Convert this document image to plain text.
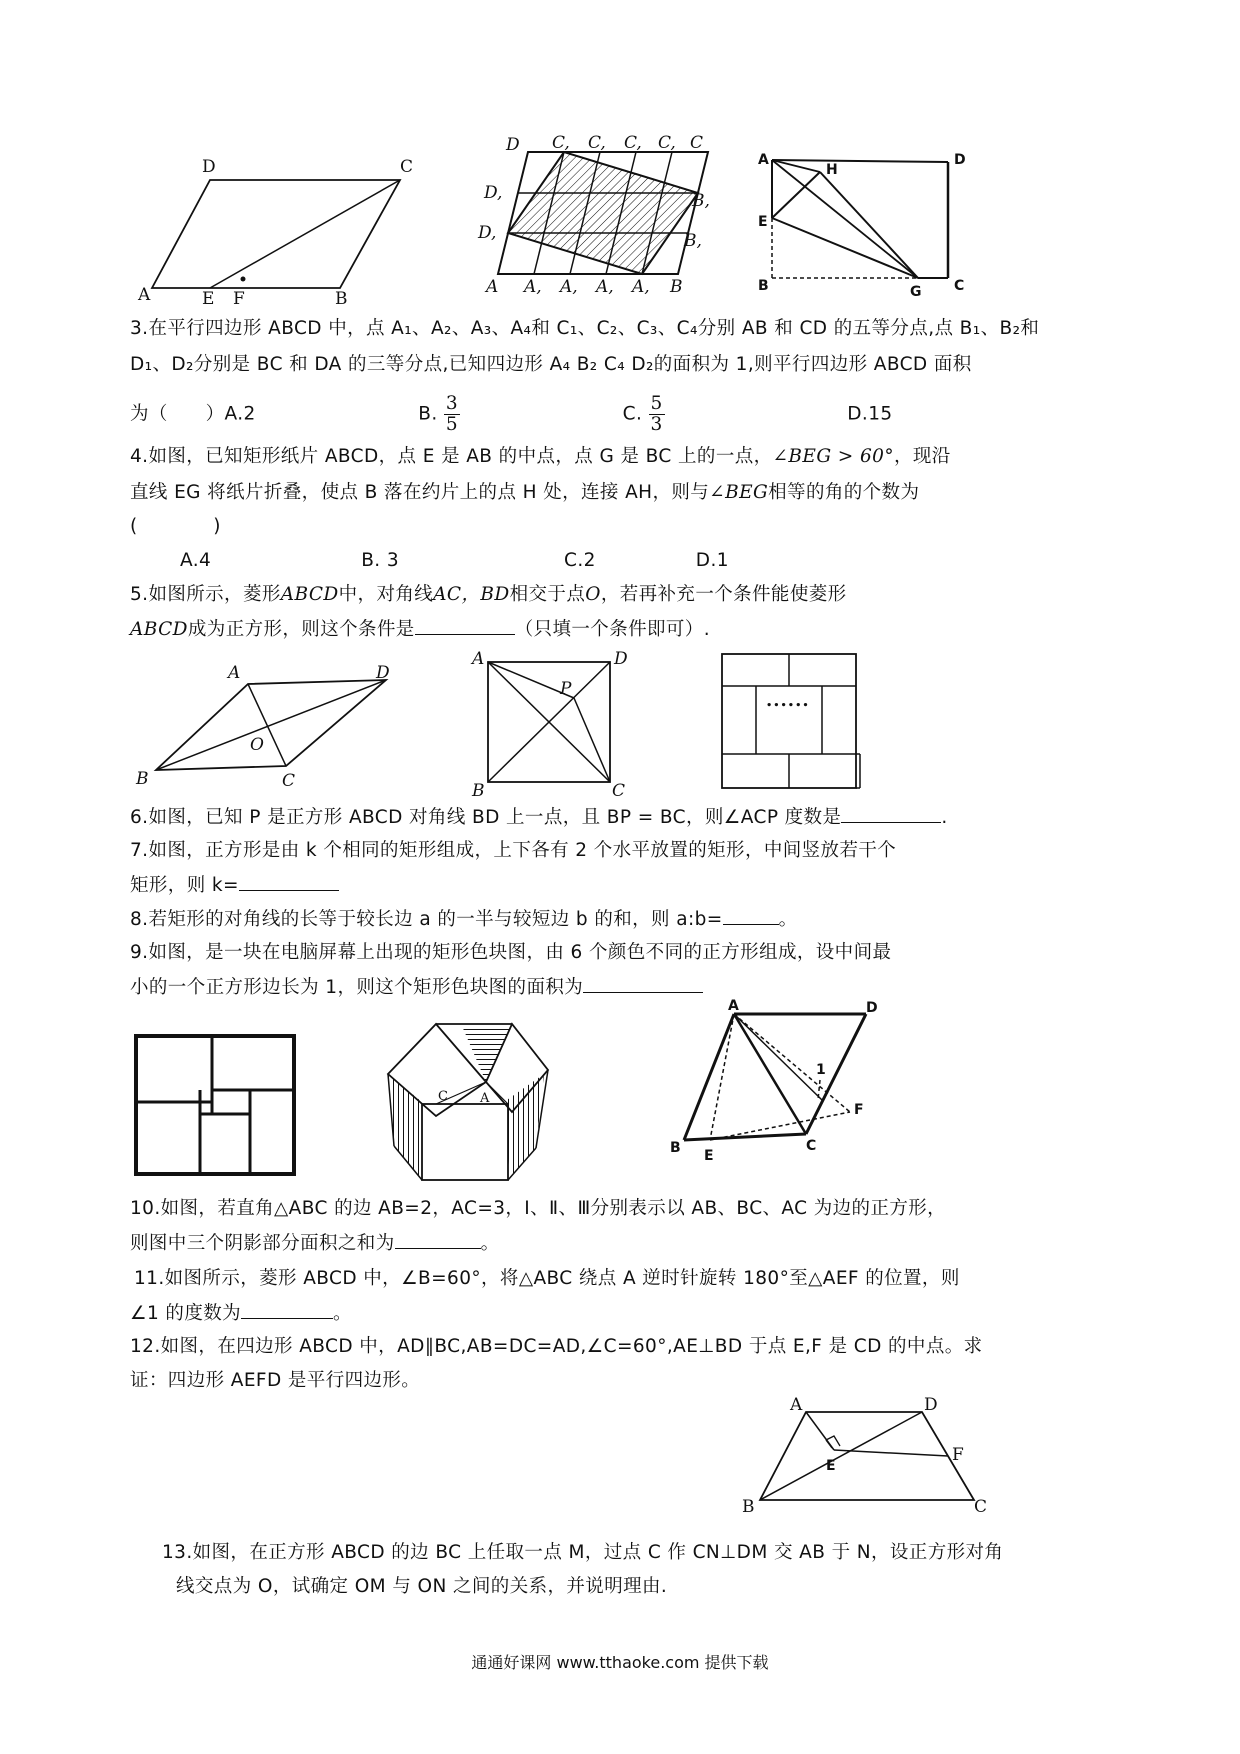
A
D	C
B
E F
D C, C, C, C, C
D,
D,
B,
B,
A A, A, A, A, B
A
H
D
E
B	G C
3.在平行四边形 ABCD 中，点 A₁、A₂、A₃、A₄和 C₁、C₂、C₃、C₄分别 AB 和 CD 的五等分点,点 B₁、B₂和
D₁、D₂分别是 BC 和 DA 的三等分点,已知四边形 A₄ B₂ C₄ D₂的面积为 1,则平行四边形 ABCD 面积
为（　　）A.2	B. $\frac{3}{5}$	C. $\frac{5}{3}$	D.15
4.如图，已知矩形纸片 ABCD，点 E 是 AB 的中点，点 G 是 BC 上的一点，∠BEG > 60°，现沿
直线 EG 将纸片折叠，使点 B 落在约片上的点 H 处，连接 AH，则与∠BEG相等的角的个数为
(　　　　)
A.4	B. 3	C.2	D.1
5.如图所示，菱形ABCD中，对角线AC，BD相交于点O，若再补充一个条件能使菱形
ABCD成为正方形，则这个条件是	（只填一个条件即可）.
A	D
B	C
O
A	D
P
B	C
......
6.如图，已知 P 是正方形 ABCD 对角线 BD 上一点，且 BP = BC，则∠ACP 度数是	.
7.如图，正方形是由 k 个相同的矩形组成，上下各有 2 个水平放置的矩形，中间竖放若干个
矩形，则 k=
8.若矩形的对角线的长等于较长边 a 的一半与较短边 b 的和，则 a:b=	。
9.如图，是一块在电脑屏幕上出现的矩形色块图，由 6 个颜色不同的正方形组成，设中间最
小的一个正方形边长为 1，则这个矩形色块图的面积为
C A
A	D
1
F
B E
C
10.如图，若直角△ABC 的边 AB=2，AC=3，Ⅰ、Ⅱ、Ⅲ分别表示以 AB、BC、AC 为边的正方形，
则图中三个阴影部分面积之和为	。
11.如图所示，菱形 ABCD 中，∠B=60°，将△ABC 绕点 A 逆时针旋转 180°至△AEF 的位置，则
∠1 的度数为	。
12.如图，在四边形 ABCD 中，AD∥BC,AB=DC=AD,∠C=60°,AE⊥BD 于点 E,F 是 CD 的中点。求
证：四边形 AEFD 是平行四边形。
A	D
E
F
B	C
13.如图，在正方形 ABCD 的边 BC 上任取一点 M，过点 C 作 CN⊥DM 交 AB 于 N，设正方形对角
线交点为 O，试确定 OM 与 ON 之间的关系，并说明理由.
通通好课网 www.tthaoke.com 提供下载
